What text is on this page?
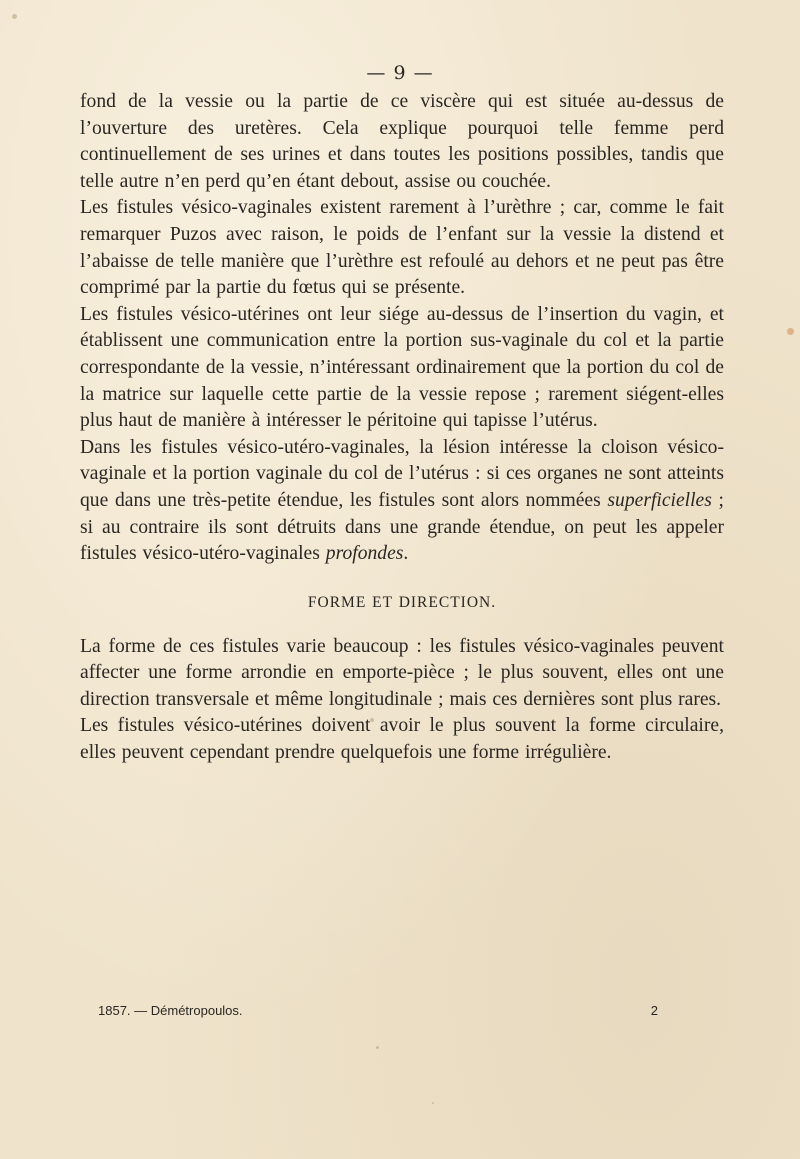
— 9 —

fond de la vessie ou la partie de ce viscère qui est située au-dessus de l’ouverture des uretères. Cela explique pourquoi telle femme perd continuellement de ses urines et dans toutes les positions possibles, tandis que telle autre n’en perd qu’en étant debout, assise ou couchée.

Les fistules vésico-vaginales existent rarement à l’urèthre ; car, comme le fait remarquer Puzos avec raison, le poids de l’enfant sur la vessie la distend et l’abaisse de telle manière que l’urèthre est refoulé au dehors et ne peut pas être comprimé par la partie du fœtus qui se présente.

Les fistules vésico-utérines ont leur siége au-dessus de l’insertion du vagin, et établissent une communication entre la portion sus-vaginale du col et la partie correspondante de la vessie, n’intéressant ordinairement que la portion du col de la matrice sur laquelle cette partie de la vessie repose ; rarement siégent-elles plus haut de manière à intéresser le péritoine qui tapisse l’utérus.

Dans les fistules vésico-utéro-vaginales, la lésion intéresse la cloison vésico-vaginale et la portion vaginale du col de l’utérus : si ces organes ne sont atteints que dans une très-petite étendue, les fistules sont alors nommées superficielles ; si au contraire ils sont détruits dans une grande étendue, on peut les appeler fistules vésico-utéro-vaginales profondes.

FORME ET DIRECTION.

La forme de ces fistules varie beaucoup : les fistules vésico-vaginales peuvent affecter une forme arrondie en emporte-pièce ; le plus souvent, elles ont une direction transversale et même longitudinale ; mais ces dernières sont plus rares.

Les fistules vésico-utérines doivent avoir le plus souvent la forme circulaire, elles peuvent cependant prendre quelquefois une forme irrégulière.

1857. — Démétropoulos.	2
